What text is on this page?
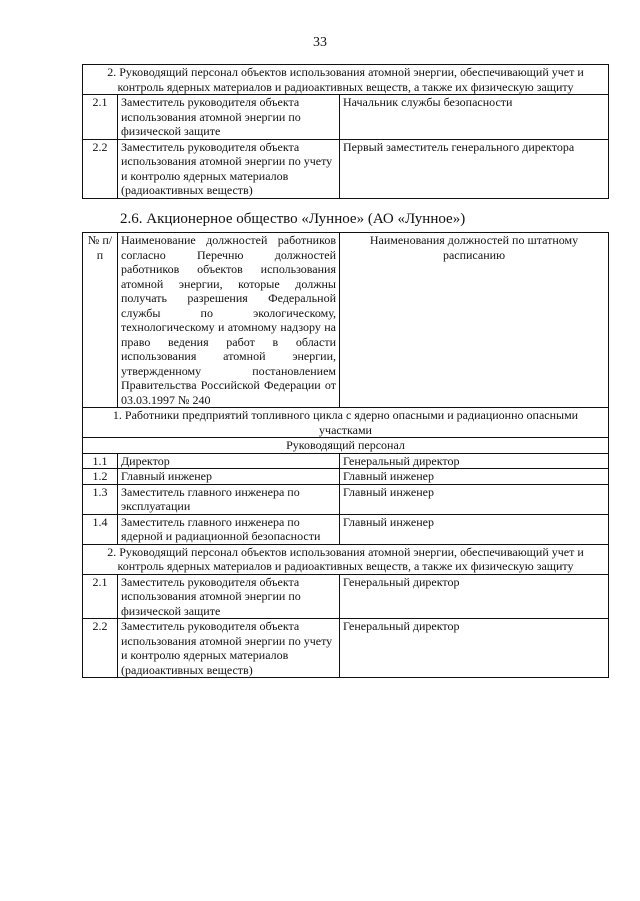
33
2. Руководящий персонал объектов использования атомной энергии, обеспечивающий учет и контроль ядерных материалов и радиоактивных веществ, а также их физическую защиту		
2.1	Заместитель руководителя объекта использования атомной энергии по физической защите	Начальник службы безопасности
2.2	Заместитель руководителя объекта использования атомной энергии по учету и контролю ядерных материалов (радиоактивных веществ)	Первый заместитель генерального директора
2.6. Акционерное общество «Лунное» (АО «Лунное»)
№ п/п	Наименование должностей работников согласно Перечню должностей работников объектов использования атомной энергии, которые должны получать разрешения Федеральной службы по экологическому, технологическому и атомному надзору на право ведения работ в области использования атомной энергии, утвержденному постановлением Правительства Российской Федерации от 03.03.1997 № 240	Наименования должностей по штатному расписанию
1. Работники предприятий топливного цикла с ядерно опасными и радиационно опасными участками		
Руководящий персонал		
1.1	Директор	Генеральный директор
1.2	Главный инженер	Главный инженер
1.3	Заместитель главного инженера по эксплуатации	Главный инженер
1.4	Заместитель главного инженера по ядерной и радиационной безопасности	Главный инженер
2. Руководящий персонал объектов использования атомной энергии, обеспечивающий учет и контроль ядерных материалов и радиоактивных веществ, а также их физическую защиту		
2.1	Заместитель руководителя объекта использования атомной энергии по физической защите	Генеральный директор
2.2	Заместитель руководителя объекта использования атомной энергии по учету и контролю ядерных материалов (радиоактивных веществ)	Генеральный директор
